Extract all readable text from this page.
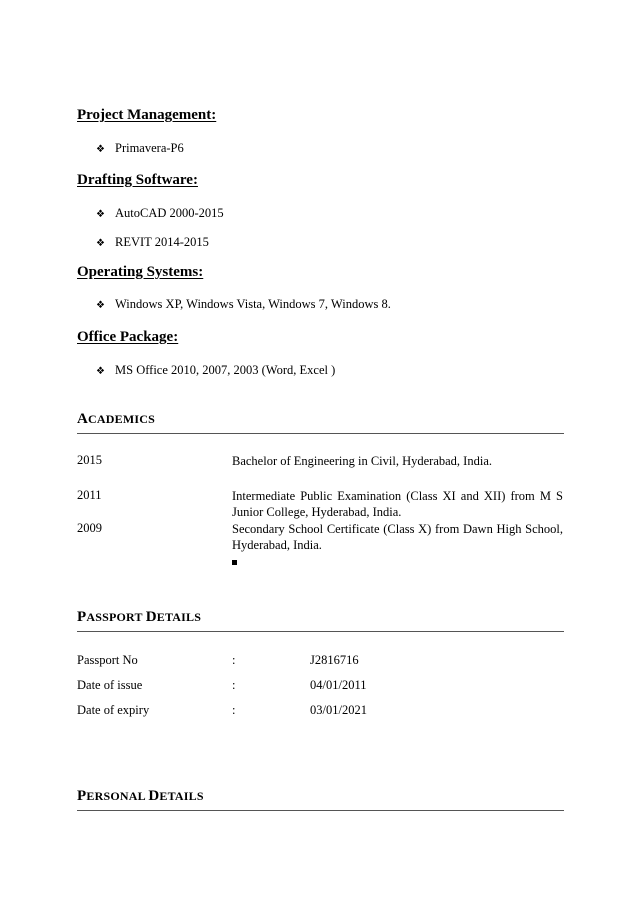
Project Management:
❖ Primavera-P6
Drafting Software:
❖ AutoCAD 2000-2015
❖ REVIT 2014-2015
Operating Systems:
❖ Windows XP, Windows Vista, Windows 7, Windows 8.
Office Package:
❖ MS Office 2010, 2007, 2003 (Word, Excel )
ACADEMICS
2015	Bachelor of Engineering in Civil, Hyderabad, India.
2011	Intermediate Public Examination (Class XI and XII) from M S Junior College, Hyderabad, India.
2009	Secondary School Certificate (Class X) from Dawn High School, Hyderabad, India.
PASSPORT DETAILS
Passport No	:	J2816716
Date of issue	:	04/01/2011
Date of expiry	:	03/01/2021
PERSONAL DETAILS
